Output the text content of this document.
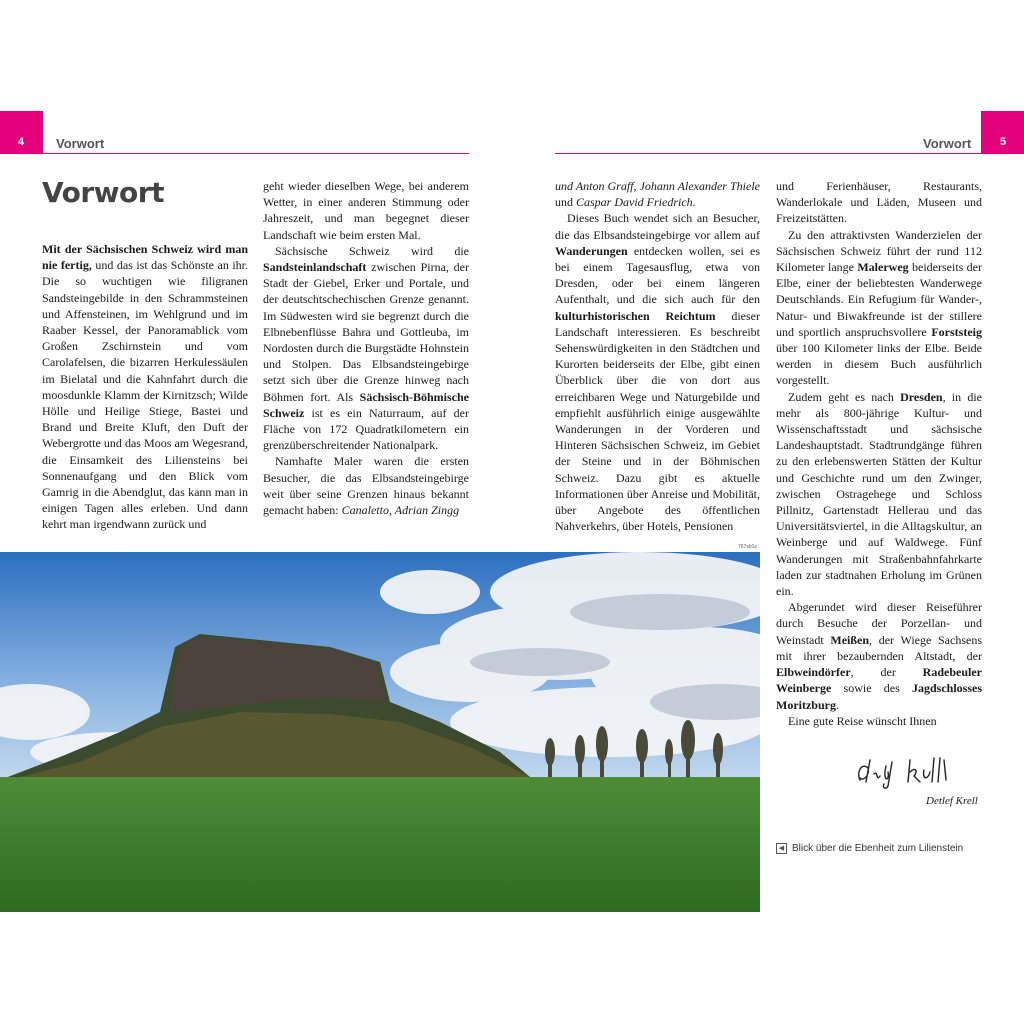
4 Vorwort	5
Vorwort
Vorwort

Mit der Sächsischen Schweiz wird man nie fertig, und das ist das Schönste an ihr. Die so wuchtigen wie filigranen Sandsteingebilde in den Schrammsteinen und Affensteinen, im Wehlgrund und im Raaber Kessel, der Panoramablick vom Großen Zschirnstein und vom Carolafelsen, die bizarren Herkulessäulen im Bielatal und die Kahnfahrt durch die moosdunkle Klamm der Kirnitzsch; Wilde Hölle und Heilige Stiege, Bastei und Brand und Breite Kluft, den Duft der Webergrotte und das Moos am Wegesrand, die Einsamkeit des Liliensteins bei Sonnenaufgang und den Blick vom Gamrig in die Abendglut, das kann man in einigen Tagen alles erleben. Und dann kehrt man irgendwann zurück und

geht wieder dieselben Wege, bei anderem Wetter, in einer anderen Stimmung oder Jahreszeit, und man begegnet dieser Landschaft wie beim ersten Mal.

Sächsische Schweiz wird die Sandsteinlandschaft zwischen Pirna, der Stadt der Giebel, Erker und Portale, und der deutschtschechischen Grenze genannt. Im Südwesten wird sie begrenzt durch die Elbnebenflüsse Bahra und Gottleuba, im Nordosten durch die Burgstädte Hohnstein und Stolpen. Das Elbsandsteingebirge setzt sich über die Grenze hinweg nach Böhmen fort. Als Sächsisch-Böhmische Schweiz ist es ein Naturraum, auf der Fläche von 172 Quadratkilometern ein grenzüberschreitender Nationalpark.

Namhafte Maler waren die ersten Besucher, die das Elbsandsteingebirge weit über seine Grenzen hinaus bekannt gemacht haben: Canaletto, Adrian Zingg

und Anton Graff, Johann Alexander Thiele und Caspar David Friedrich.

Dieses Buch wendet sich an Besucher, die das Elbsandsteingebirge vor allem auf Wanderungen entdecken wollen, sei es bei einem Tagesausflug, etwa von Dresden, oder bei einem längeren Aufenthalt, und die sich auch für den kulturhistorischen Reichtum dieser Landschaft interessieren. Es beschreibt Sehenswürdigkeiten in den Städtchen und Kurorten beiderseits der Elbe, gibt einen Überblick über die von dort aus erreichbaren Wege und Naturgebilde und empfiehlt ausführlich einige ausgewählte Wanderungen in der Vorderen und Hinteren Sächsischen Schweiz, im Gebiet der Steine und in der Böhmischen Schweiz. Dazu gibt es aktuelle Informationen über Anreise und Mobilität, über Angebote des öffentlichen Nahverkehrs, über Hotels, Pensionen

und Ferienhäuser, Restaurants, Wanderlokale und Läden, Museen und Freizeitstätten.

Zu den attraktivsten Wanderzielen der Sächsischen Schweiz führt der rund 112 Kilometer lange Malerweg beiderseits der Elbe, einer der beliebtesten Wanderwege Deutschlands. Ein Refugium für Wander-, Natur- und Biwakfreunde ist der stillere und sportlich anspruchsvollere Forststeig über 100 Kilometer links der Elbe. Beide werden in diesem Buch ausführlich vorgestellt.

Zudem geht es nach Dresden, in die mehr als 800-jährige Kultur- und Wissenschaftsstadt und sächsische Landeshauptstadt. Stadtrundgänge führen zu den erlebenswerten Stätten der Kultur und Geschichte rund um den Zwinger, zwischen Ostragehege und Schloss Pillnitz, Gartenstadt Hellerau und das Universitätsviertel, in die Alltagskultur, an Weinberge und auf Waldwege. Fünf Wanderungen mit Straßenbahnfahrkarte laden zur stadtnahen Erholung im Grünen ein.

Abgerundet wird dieser Reiseführer durch Besuche der Porzellan- und Weinstadt Meißen, der Wiege Sachsens mit ihrer bezaubernden Altstadt, der Elbweindörfer, der Radebeuler Weinberge sowie des Jagdschlosses Moritzburg.

Eine gute Reise wünscht Ihnen

767sb1s
Detlef Krell
◀ Blick über die Ebenheit zum Lilienstein
